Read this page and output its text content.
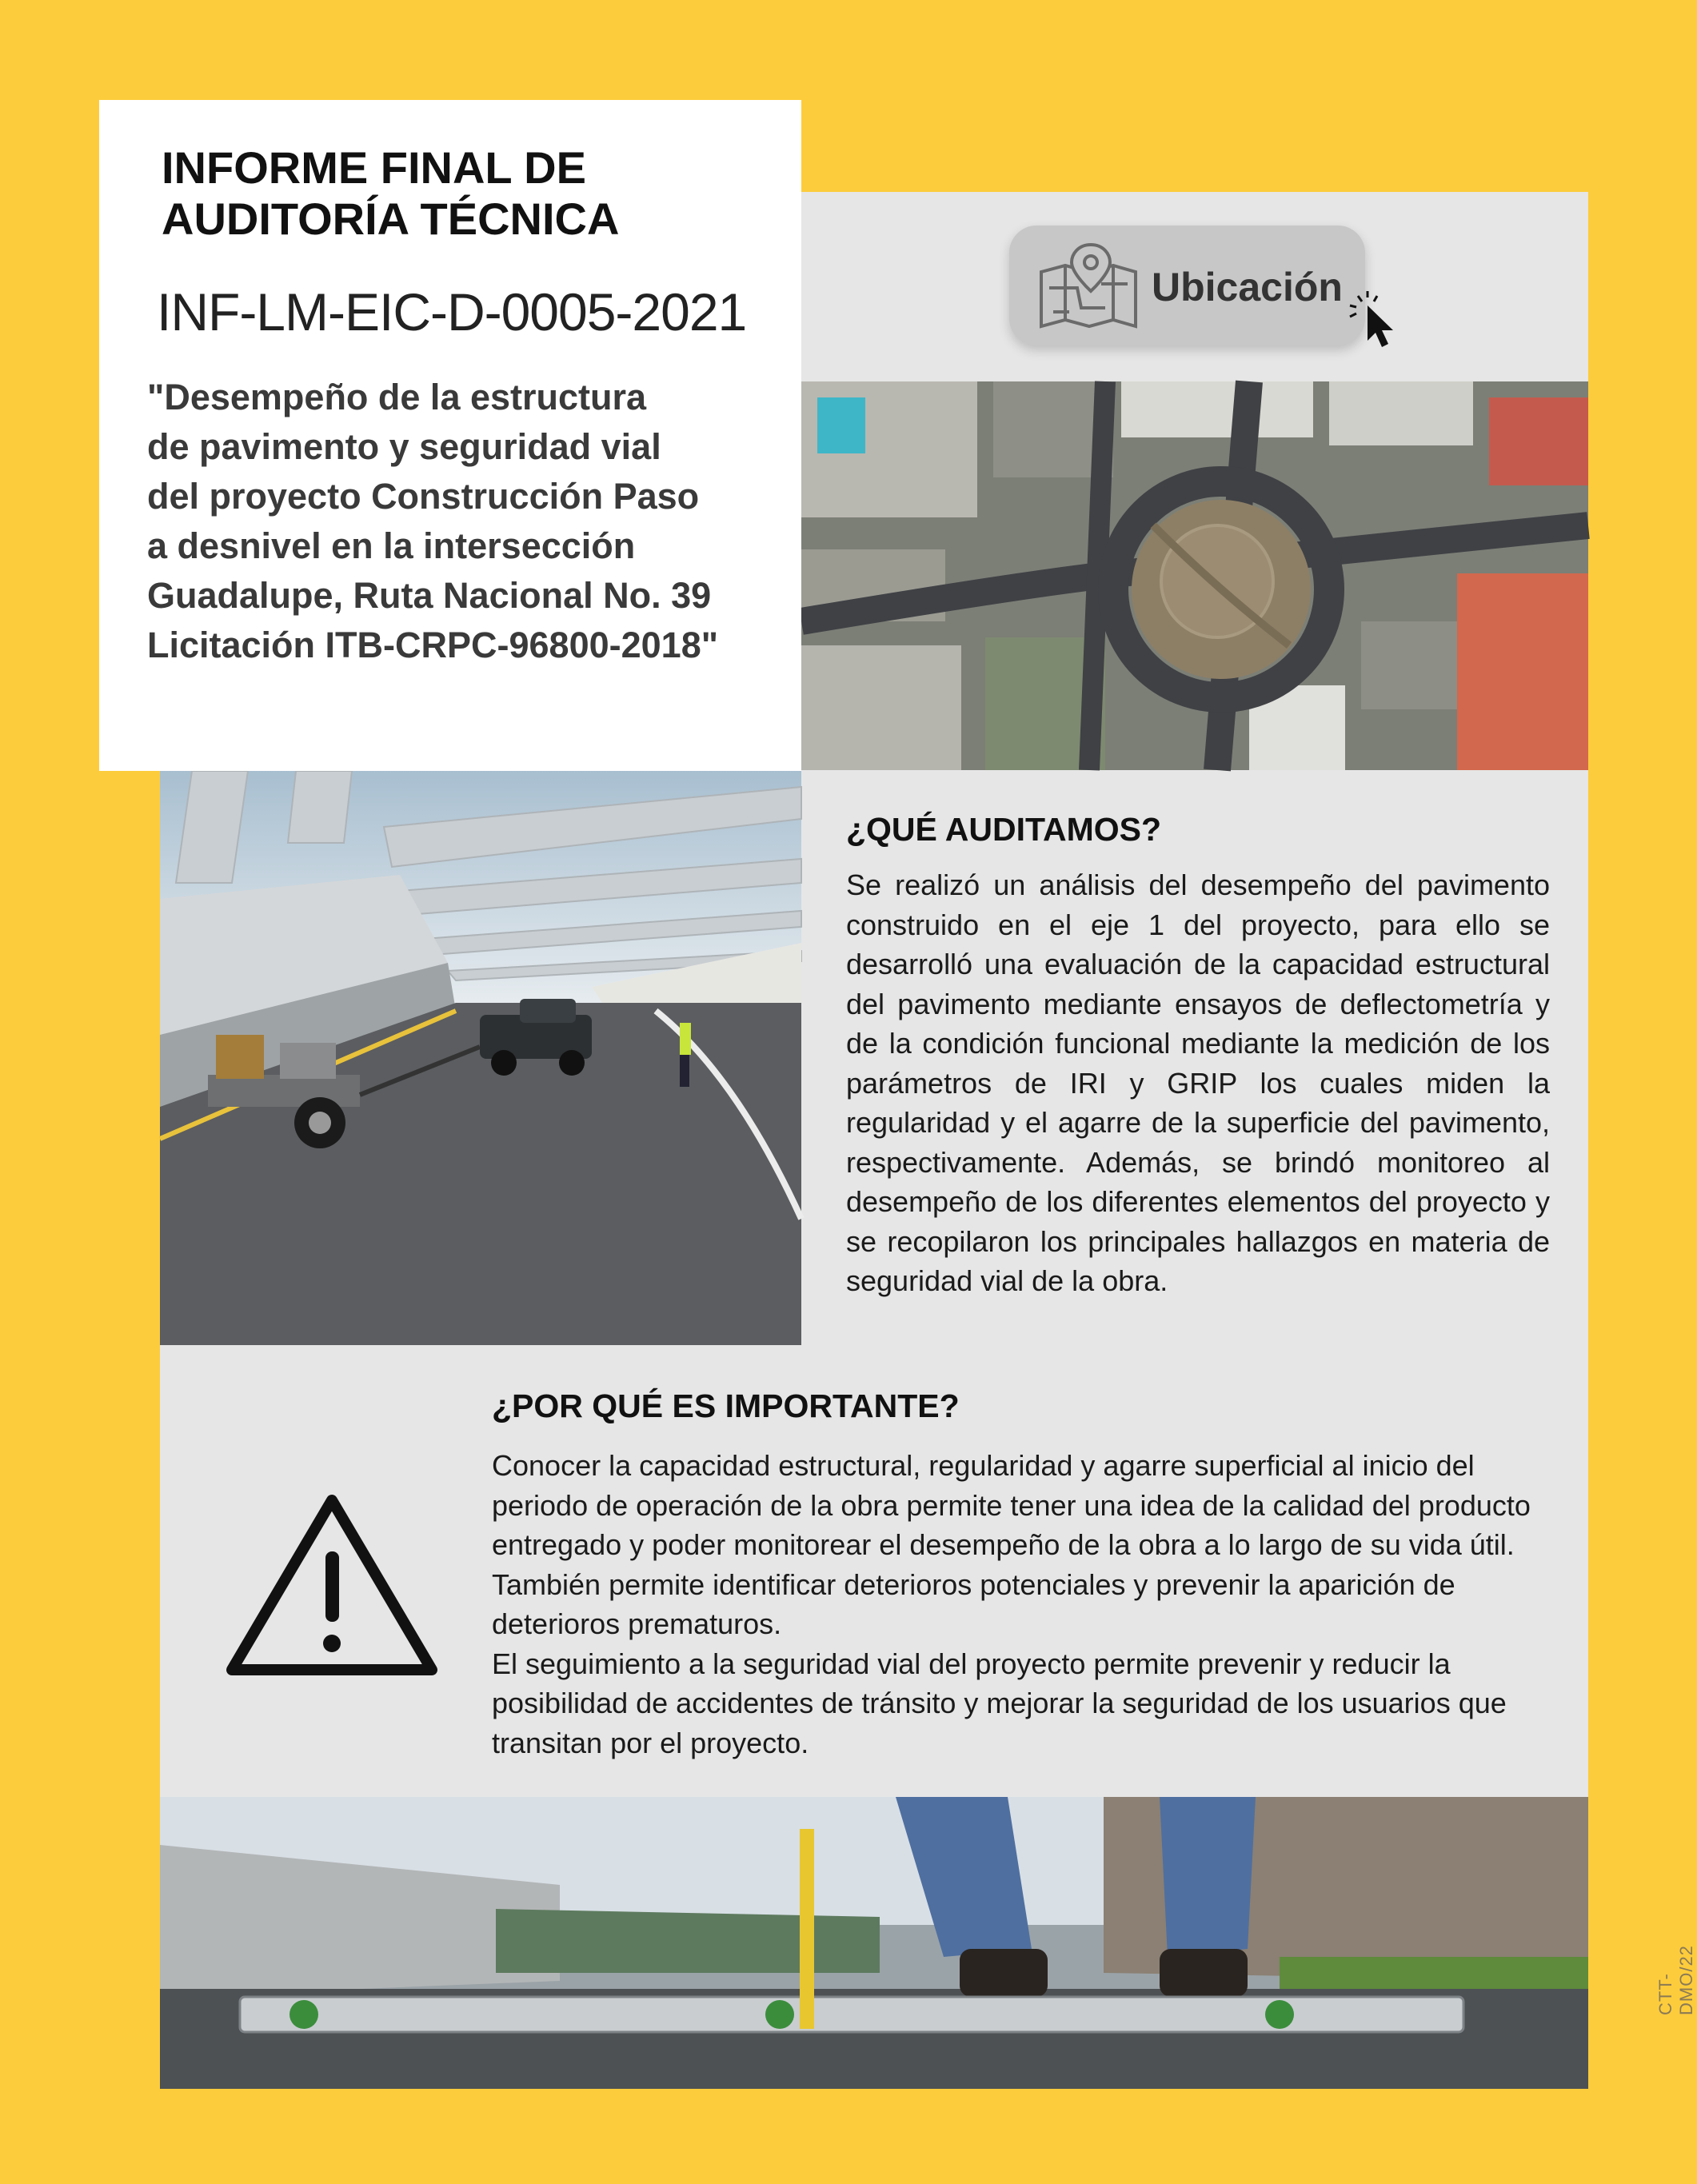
INFORME FINAL DE
AUDITORÍA TÉCNICA
INF-LM-EIC-D-0005-2021
"Desempeño de la estructura
de pavimento y seguridad vial
del proyecto Construcción Paso
a desnivel en la intersección
Guadalupe, Ruta Nacional No. 39
Licitación ITB-CRPC-96800-2018"
Ubicación
¿QUÉ AUDITAMOS?
Se realizó un análisis del desempeño del pavimento construido en el eje 1 del proyecto, para ello se desarrolló una evaluación de la capacidad estructural del pavimento mediante ensayos de deflectometría y de la condición funcional mediante la medición de los parámetros de IRI y GRIP los cuales miden la regularidad y el agarre de la superficie del pavimento, respectivamente. Además, se brindó monitoreo al desempeño de los diferentes elementos del proyecto y se recopilaron los principales hallazgos en materia de seguridad vial de la obra.
¿POR QUÉ ES IMPORTANTE?
Conocer la capacidad estructural, regularidad y agarre superficial al inicio del periodo de operación de la obra permite tener una idea de la calidad del producto entregado y poder monitorear el desempeño de la obra a lo largo de su vida útil. También permite identificar deterioros potenciales y prevenir la aparición de deterioros prematuros.
El seguimiento a la seguridad vial del proyecto permite prevenir y reducir la posibilidad de accidentes de tránsito y mejorar la seguridad de los usuarios que transitan por el proyecto.
CTT-DMO/22
